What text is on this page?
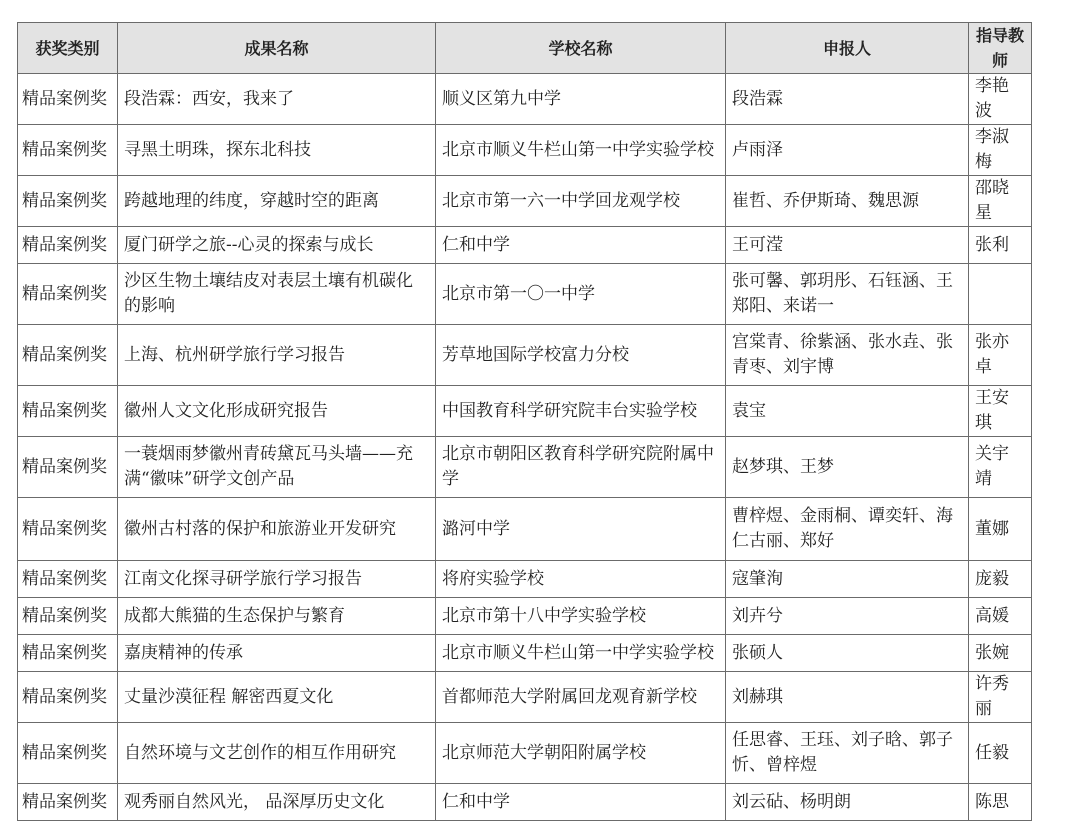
获奖类别	成果名称	学校名称	申报人	指导教师
精品案例奖	段浩霖：西安，我来了	顺义区第九中学	段浩霖	李艳波
精品案例奖	寻黑土明珠，探东北科技	北京市顺义牛栏山第一中学实验学校	卢雨泽	李淑梅
精品案例奖	跨越地理的纬度，穿越时空的距离	北京市第一六一中学回龙观学校	崔哲、乔伊斯琦、魏思源	邵晓星
精品案例奖	厦门研学之旅--心灵的探索与成长	仁和中学	王可滢	张利
精品案例奖	沙区生物土壤结皮对表层土壤有机碳化的影响	北京市第一〇一中学	张可馨、郭玥彤、石钰涵、王郑阳、来诺一	
精品案例奖	上海、杭州研学旅行学习报告	芳草地国际学校富力分校	宫棠青、徐紫涵、张水垚、张青枣、刘宇博	张亦卓
精品案例奖	徽州人文文化形成研究报告	中国教育科学研究院丰台实验学校	袁宝	王安琪
精品案例奖	一蓑烟雨梦徽州青砖黛瓦马头墙——充满“徽味”研学文创产品	北京市朝阳区教育科学研究院附属中学	赵梦琪、王梦	关宇靖
精品案例奖	徽州古村落的保护和旅游业开发研究	潞河中学	曹梓煜、金雨桐、谭奕轩、海仁古丽、郑好	董娜
精品案例奖	江南文化探寻研学旅行学习报告	将府实验学校	寇肇洵	庞毅
精品案例奖	成都大熊猫的生态保护与繁育	北京市第十八中学实验学校	刘卉兮	高媛
精品案例奖	嘉庚精神的传承	北京市顺义牛栏山第一中学实验学校	张硕人	张婉
精品案例奖	丈量沙漠征程 解密西夏文化	首都师范大学附属回龙观育新学校	刘赫琪	许秀丽
精品案例奖	自然环境与文艺创作的相互作用研究	北京师范大学朝阳附属学校	任思睿、王珏、刘子晗、郭子忻、曾梓煜	任毅
精品案例奖	观秀丽自然风光， 品深厚历史文化	仁和中学	刘云砧、杨明朗	陈思
